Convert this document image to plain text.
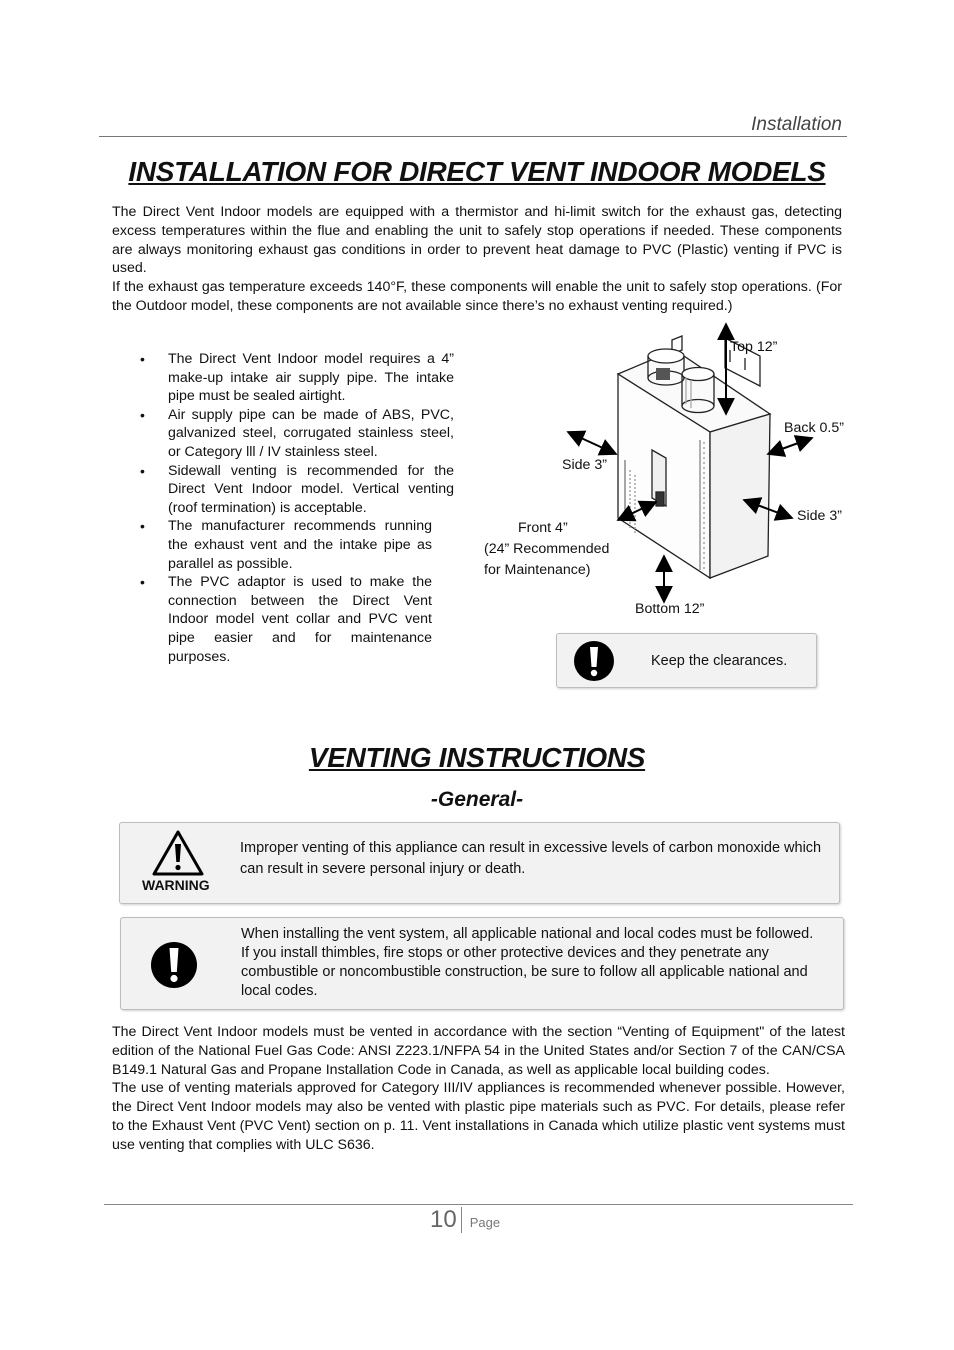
Installation
INSTALLATION FOR DIRECT VENT INDOOR MODELS

The Direct Vent Indoor models are equipped with a thermistor and hi-limit switch for the exhaust gas, detecting excess temperatures within the flue and enabling the unit to safely stop operations if needed. These components are always monitoring exhaust gas conditions in order to prevent heat damage to PVC (Plastic) venting if PVC is used.

If the exhaust gas temperature exceeds 140°F, these components will enable the unit to safely stop operations. (For the Outdoor model, these components are not available since there’s no exhaust venting required.)

• The Direct Vent Indoor model requires a 4” make-up intake air supply pipe. The intake pipe must be sealed airtight.
• Air supply pipe can be made of ABS, PVC, galvanized steel, corrugated stainless steel, or Category lll / IV stainless steel.
• Sidewall venting is recommended for the Direct Vent Indoor model. Vertical venting (roof termination) is acceptable.
• The manufacturer recommends running the exhaust vent and the intake pipe as parallel as possible.
• The PVC adaptor is used to make the connection between the Direct Vent Indoor model vent collar and PVC vent pipe easier and for maintenance purposes.
Top 12”
Back 0.5”
Side 3”
Side 3”
Front 4”
(24” Recommended
for Maintenance)
Bottom 12”
Keep the clearances.
VENTING INSTRUCTIONS
-General-
WARNING
Improper venting of this appliance can result in excessive levels of carbon monoxide which can result in severe personal injury or death.
When installing the vent system, all applicable national and local codes must be followed. If you install thimbles, fire stops or other protective devices and they penetrate any combustible or noncombustible construction, be sure to follow all applicable national and local codes.

The Direct Vent Indoor models must be vented in accordance with the section “Venting of Equipment" of the latest edition of the National Fuel Gas Code: ANSI Z223.1/NFPA 54 in the United States and/or Section 7 of the CAN/CSA B149.1 Natural Gas and Propane Installation Code in Canada, as well as applicable local building codes.

The use of venting materials approved for Category III/IV appliances is recommended whenever possible. However, the Direct Vent Indoor models may also be vented with plastic pipe materials such as PVC. For details, please refer to the Exhaust Vent (PVC Vent) section on p. 11. Vent installations in Canada which utilize plastic vent systems must use venting that complies with ULC S636.

10 Page
